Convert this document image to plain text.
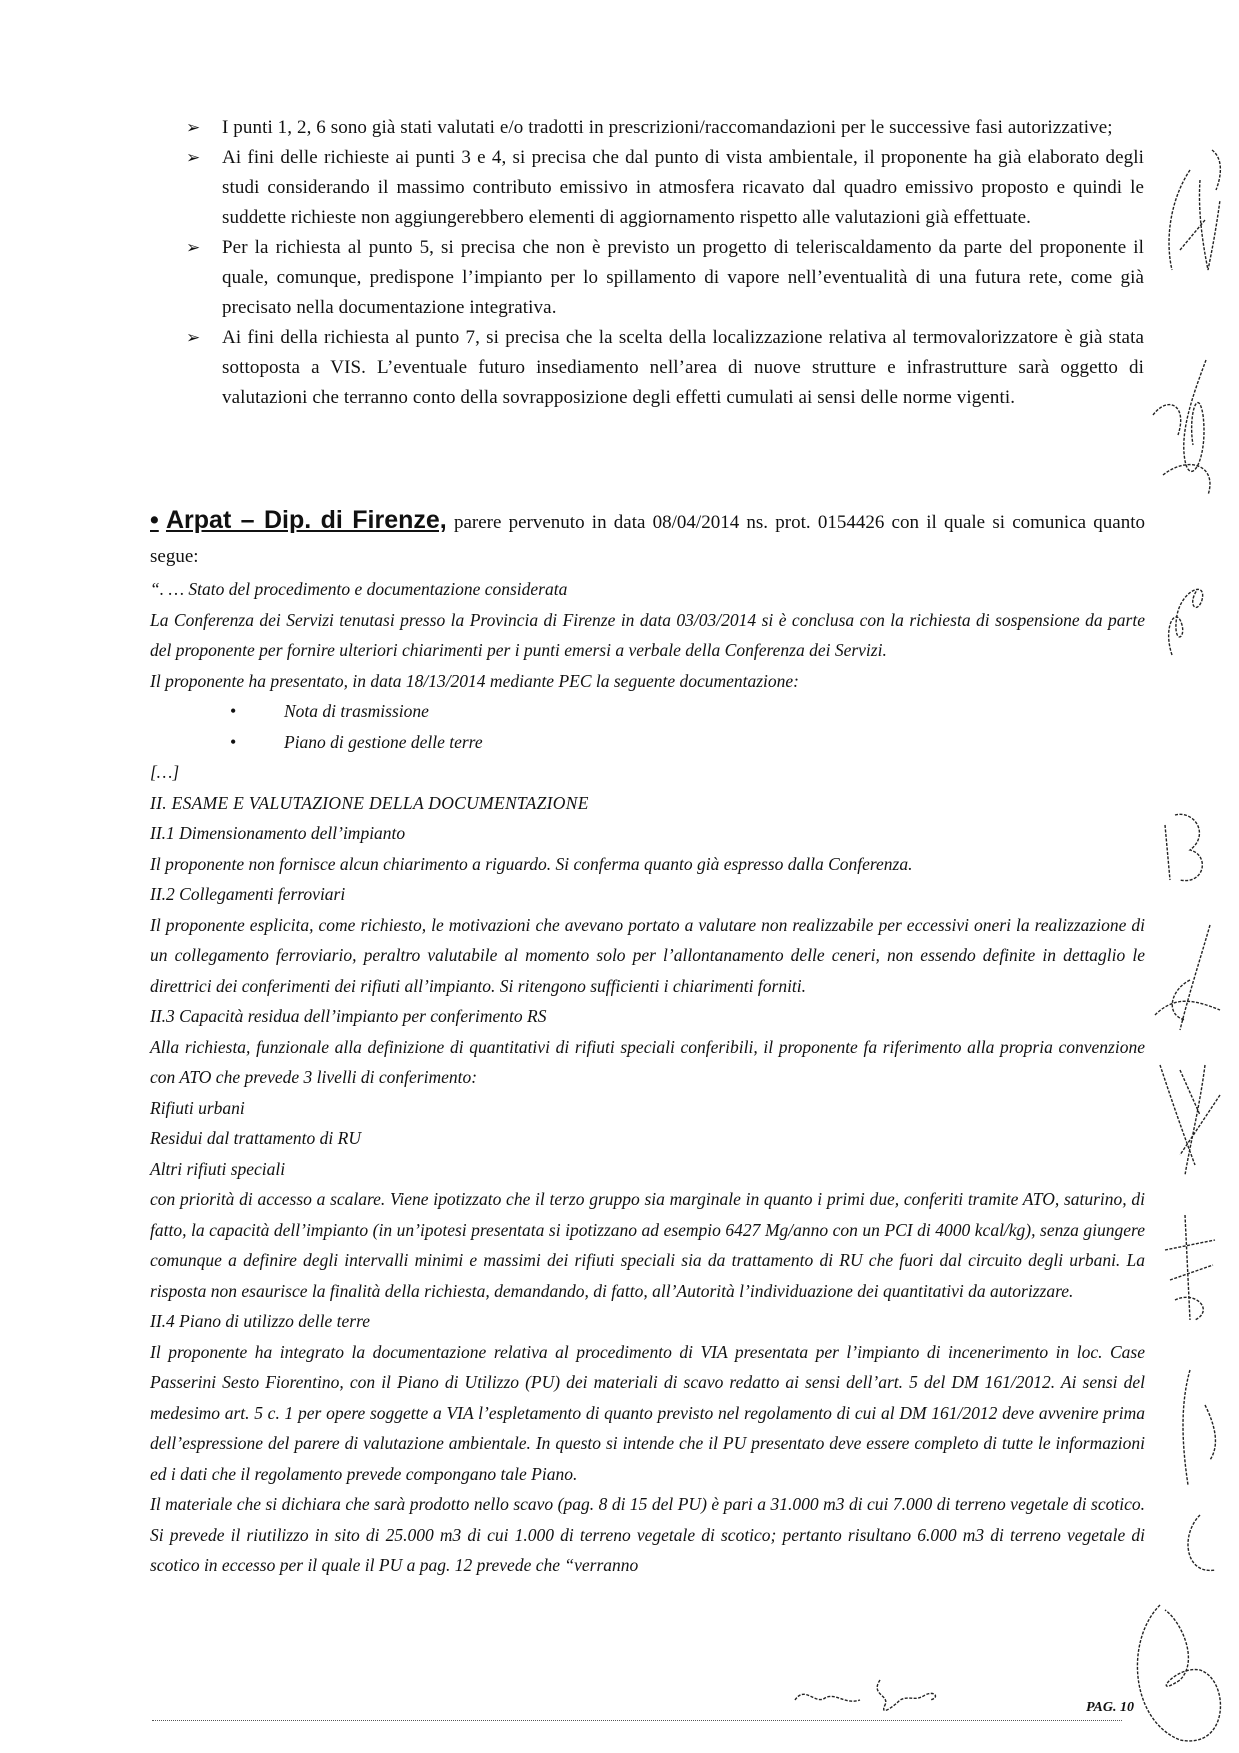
➢	I punti 1, 2, 6 sono già stati valutati e/o tradotti in prescrizioni/raccomandazioni per le successive fasi autorizzative;
➢	Ai fini delle richieste ai punti 3 e 4, si precisa che dal punto di vista ambientale, il proponente ha già elaborato degli studi considerando il massimo contributo emissivo in atmosfera ricavato dal quadro emissivo proposto e quindi le suddette richieste non aggiungerebbero elementi di aggiornamento rispetto alle valutazioni già effettuate.
➢	Per la richiesta al punto 5, si precisa che non è previsto un progetto di teleriscaldamento da parte del proponente il quale, comunque, predispone l’impianto per lo spillamento di vapore nell’eventualità di una futura rete, come già precisato nella documentazione integrativa.
➢	Ai fini della richiesta al punto 7, si precisa che la scelta della localizzazione relativa al termovalorizzatore è già stata sottoposta a VIS. L’eventuale futuro insediamento nell’area di nuove strutture e infrastrutture sarà oggetto di valutazioni che terranno conto della sovrapposizione degli effetti cumulati ai sensi delle norme vigenti.
• Arpat – Dip. di Firenze, parere pervenuto in data 08/04/2014 ns. prot. 0154426 con il quale si comunica quanto segue:
“. … Stato del procedimento e documentazione considerata
La Conferenza dei Servizi tenutasi presso la Provincia di Firenze in data 03/03/2014 si è conclusa con la richiesta di sospensione da parte del proponente per fornire ulteriori chiarimenti per i punti emersi a verbale della Conferenza dei Servizi.
Il proponente ha presentato, in data 18/13/2014 mediante PEC la seguente documentazione:
•	Nota di trasmissione
•	Piano di gestione delle terre
[…]
II. ESAME E VALUTAZIONE DELLA DOCUMENTAZIONE
II.1 Dimensionamento dell’impianto
Il proponente non fornisce alcun chiarimento a riguardo. Si conferma quanto già espresso dalla Conferenza.
II.2 Collegamenti ferroviari
Il proponente esplicita, come richiesto, le motivazioni che avevano portato a valutare non realizzabile per eccessivi oneri la realizzazione di un collegamento ferroviario, peraltro valutabile al momento solo per l’allontanamento delle ceneri, non essendo definite in dettaglio le direttrici dei conferimenti dei rifiuti all’impianto. Si ritengono sufficienti i chiarimenti forniti.
II.3 Capacità residua dell’impianto per conferimento RS
Alla richiesta, funzionale alla definizione di quantitativi di rifiuti speciali conferibili, il proponente fa riferimento alla propria convenzione con ATO che prevede 3 livelli di conferimento:
Rifiuti urbani
Residui dal trattamento di RU
Altri rifiuti speciali
con priorità di accesso a scalare. Viene ipotizzato che il terzo gruppo sia marginale in quanto i primi due, conferiti tramite ATO, saturino, di fatto, la capacità dell’impianto (in un’ipotesi presentata si ipotizzano ad esempio 6427 Mg/anno con un PCI di 4000 kcal/kg), senza giungere comunque a definire degli intervalli minimi e massimi dei rifiuti speciali sia da trattamento di RU che fuori dal circuito degli urbani. La risposta non esaurisce la finalità della richiesta, demandando, di fatto, all’Autorità l’individuazione dei quantitativi da autorizzare.
II.4 Piano di utilizzo delle terre
Il proponente ha integrato la documentazione relativa al procedimento di VIA presentata per l’impianto di incenerimento in loc. Case Passerini Sesto Fiorentino, con il Piano di Utilizzo (PU) dei materiali di scavo redatto ai sensi dell’art. 5 del DM 161/2012. Ai sensi del medesimo art. 5 c. 1 per opere soggette a VIA l’espletamento di quanto previsto nel regolamento di cui al DM 161/2012 deve avvenire prima dell’espressione del parere di valutazione ambientale. In questo si intende che il PU presentato deve essere completo di tutte le informazioni ed i dati che il regolamento prevede compongano tale Piano.
Il materiale che si dichiara che sarà prodotto nello scavo (pag. 8 di 15 del PU) è pari a 31.000 m3 di cui 7.000 di terreno vegetale di scotico. Si prevede il riutilizzo in sito di 25.000 m3 di cui 1.000 di terreno vegetale di scotico; pertanto risultano 6.000 m3 di terreno vegetale di scotico in eccesso per il quale il PU a pag. 12 prevede che “verranno
PAG. 10
